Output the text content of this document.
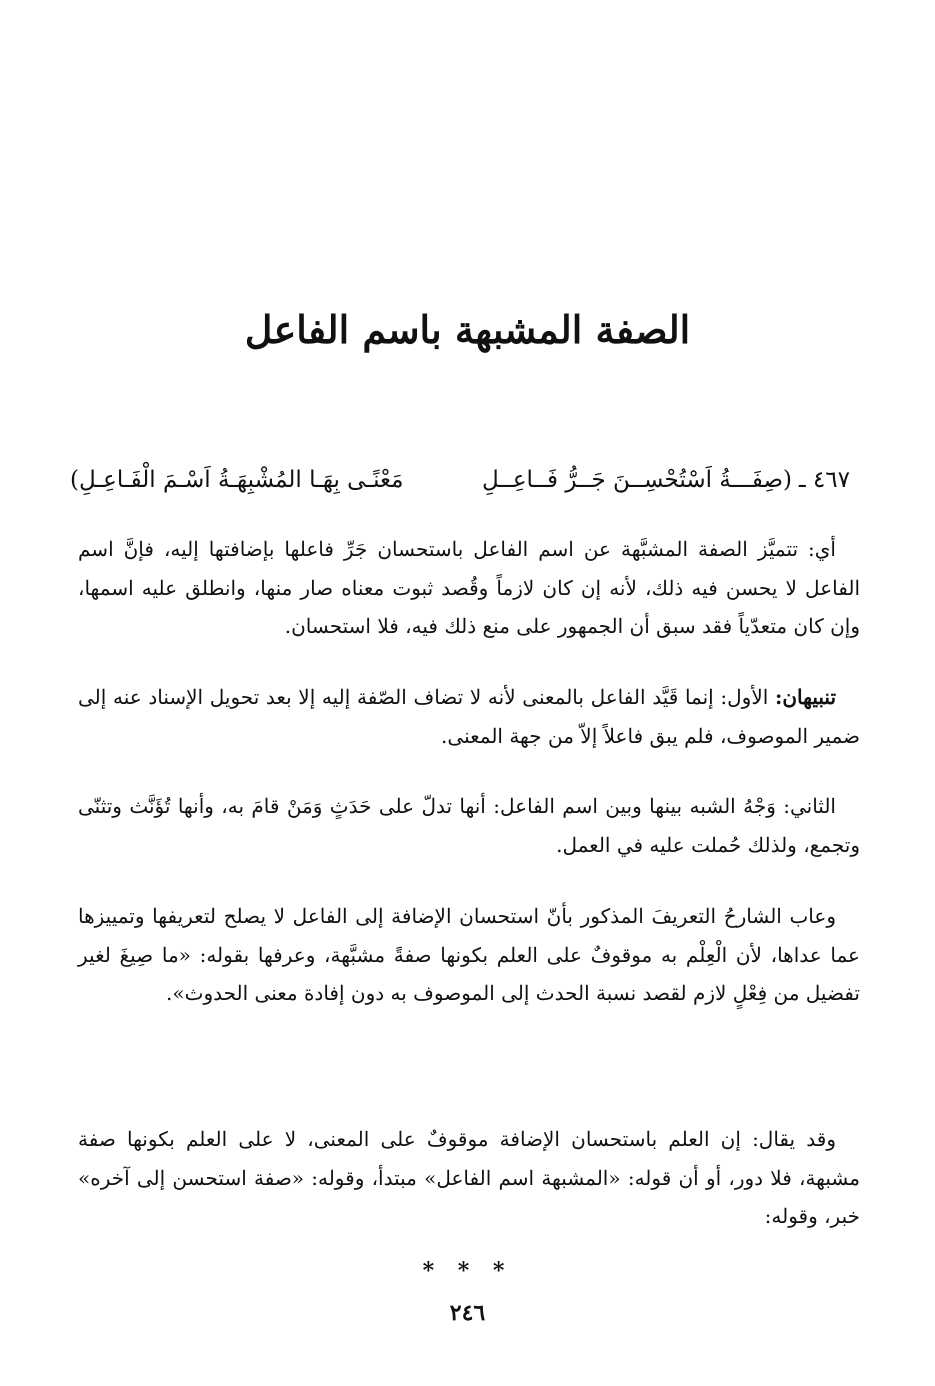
الصفة المشبهة باسم الفاعل
٤٦٧ ـ
(صِفَـــةُ اَسْتُحْسِــنَ جَــرُّ فَــاعِــلِ
مَعْنًـى بِهَـا المُشْبِهَـةُ اَسْـمَ الْفَـاعِـلِ)
أي: تتميَّز الصفة المشبَّهة عن اسم الفاعل باستحسان جَرِّ فاعلها بإضافتها إليه، فإنَّ اسم الفاعل لا يحسن فيه ذلك، لأنه إن كان لازماً وقُصد ثبوت معناه صار منها، وانطلق عليه اسمها، وإن كان متعدّياً فقد سبق أن الجمهور على منع ذلك فيه، فلا استحسان.
تنبيهان: الأول: إنما قَيَّد الفاعل بالمعنى لأنه لا تضاف الصّفة إليه إلا بعد تحويل الإسناد عنه إلى ضمير الموصوف، فلم يبق فاعلاً إلاّ من جهة المعنى.
الثاني: وَجْهُ الشبه بينها وبين اسم الفاعل: أنها تدلّ على حَدَثٍ وَمَنْ قامَ به، وأنها تُؤَنَّث وتثنّى وتجمع، ولذلك حُملت عليه في العمل.
وعاب الشارحُ التعريفَ المذكور بأنّ استحسان الإضافة إلى الفاعل لا يصلح لتعريفها وتمييزها عما عداها، لأن الْعِلْم به موقوفٌ على العلم بكونها صفةً مشبَّهة، وعرفها بقوله: «ما صِيغَ لغير تفضيل من فِعْلٍ لازم لقصد نسبة الحدث إلى الموصوف به دون إفادة معنى الحدوث».
وقد يقال: إن العلم باستحسان الإضافة موقوفٌ على المعنى، لا على العلم بكونها صفة مشبهة، فلا دور، أو أن قوله: «المشبهة اسم الفاعل» مبتدأ، وقوله: «صفة استحسن إلى آخره» خبر، وقوله:
* * *
٢٤٦
